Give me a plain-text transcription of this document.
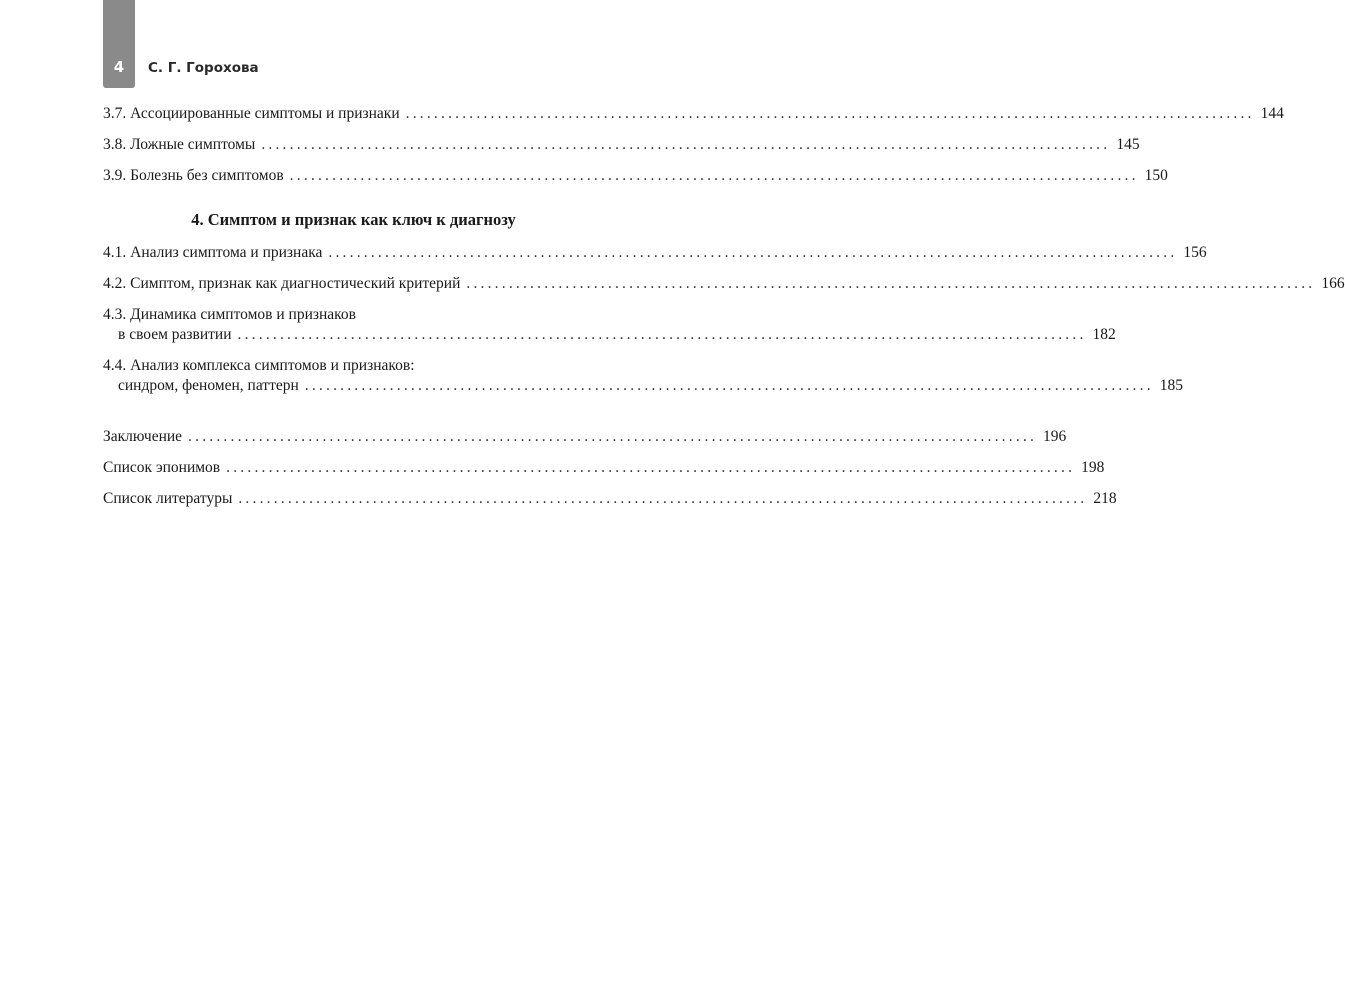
4	С. Г. Горохова
3.7. Ассоциированные симптомы и признаки ........................................................................................................................ 144
3.8. Ложные симптомы ........................................................................................................................ 145
3.9. Болезнь без симптомов ........................................................................................................................ 150
4. Симптом и признак как ключ к диагнозу
4.1. Анализ симптома и признака ........................................................................................................................ 156
4.2. Симптом, признак как диагностический критерий ........................................................................................................................ 166
4.3. Динамика симптомов и признаков
в своем развитии ........................................................................................................................ 182
4.4. Анализ комплекса симптомов и признаков:
синдром, феномен, паттерн ........................................................................................................................ 185
Заключение ........................................................................................................................ 196
Список эпонимов ........................................................................................................................ 198
Список литературы ........................................................................................................................ 218
